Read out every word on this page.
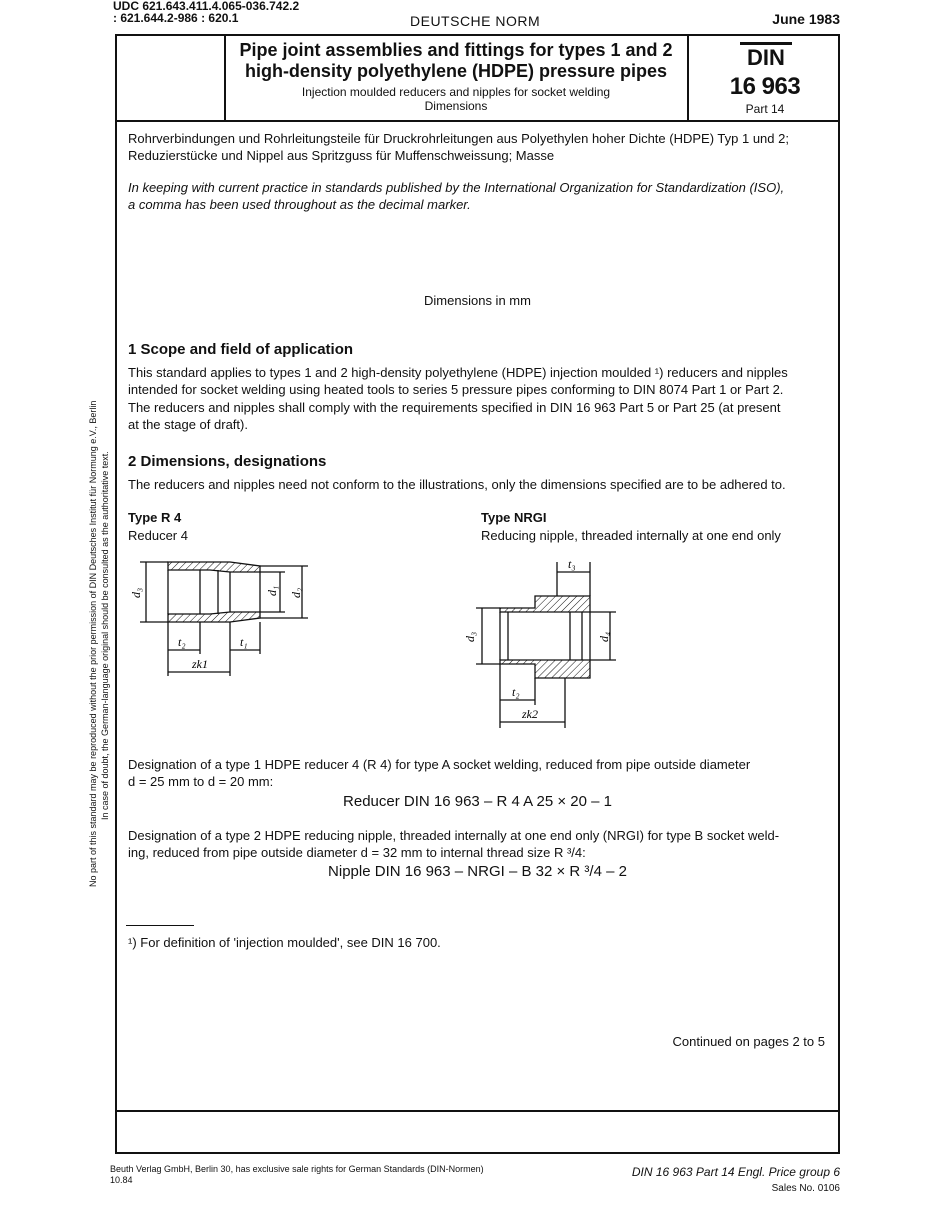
UDC 621.643.411.4.065-036.742.2
: 621.644.2-986 : 620.1	DEUTSCHE NORM	June 1983
Pipe joint assemblies and fittings for types 1 and 2
high-density polyethylene (HDPE) pressure pipes
Injection moulded reducers and nipples for socket welding
Dimensions
DIN
16 963
Part 14
Rohrverbindungen und Rohrleitungsteile für Druckrohrleitungen aus Polyethylen hoher Dichte (HDPE) Typ 1 und 2;
Reduzierstücke und Nippel aus Spritzguss für Muffenschweissung; Masse
In keeping with current practice in standards published by the International Organization for Standardization (ISO),
a comma has been used throughout as the decimal marker.
Dimensions in mm
1 Scope and field of application
This standard applies to types 1 and 2 high-density polyethylene (HDPE) injection moulded ¹) reducers and nipples
intended for socket welding using heated tools to series 5 pressure pipes conforming to DIN 8074 Part 1 or Part 2.
The reducers and nipples shall comply with the requirements specified in DIN 16 963 Part 5 or Part 25 (at present
at the stage of draft).
2 Dimensions, designations
The reducers and nipples need not conform to the illustrations, only the dimensions specified are to be adhered to.
Type R 4
Reducer 4
Type NRGI
Reducing nipple, threaded internally at one end only
d₃	d₁ d₂
t₂	t₁
zk1
t₃
d₃	d₄
t₂
zk2
Designation of a type 1 HDPE reducer 4 (R 4) for type A socket welding, reduced from pipe outside diameter
d = 25 mm to d = 20 mm:
Reducer DIN 16 963 – R 4 A 25 × 20 – 1
Designation of a type 2 HDPE reducing nipple, threaded internally at one end only (NRGI) for type B socket weld-
ing, reduced from pipe outside diameter d = 32 mm to internal thread size R ³/4:
Nipple DIN 16 963 – NRGI – B 32 × R ³/4 – 2
¹) For definition of 'injection moulded', see DIN 16 700.
Continued on pages 2 to 5
No part of this standard may be reproduced without the prior permission of DIN Deutsches Institut für Normung e.V., Berlin In case of doubt, the German-language original should be consulted as the authoritative text.
Beuth Verlag GmbH, Berlin 30, has exclusive sale rights for German Standards (DIN-Normen)
10.84
DIN 16 963 Part 14 Engl. Price group 6
Sales No. 0106
